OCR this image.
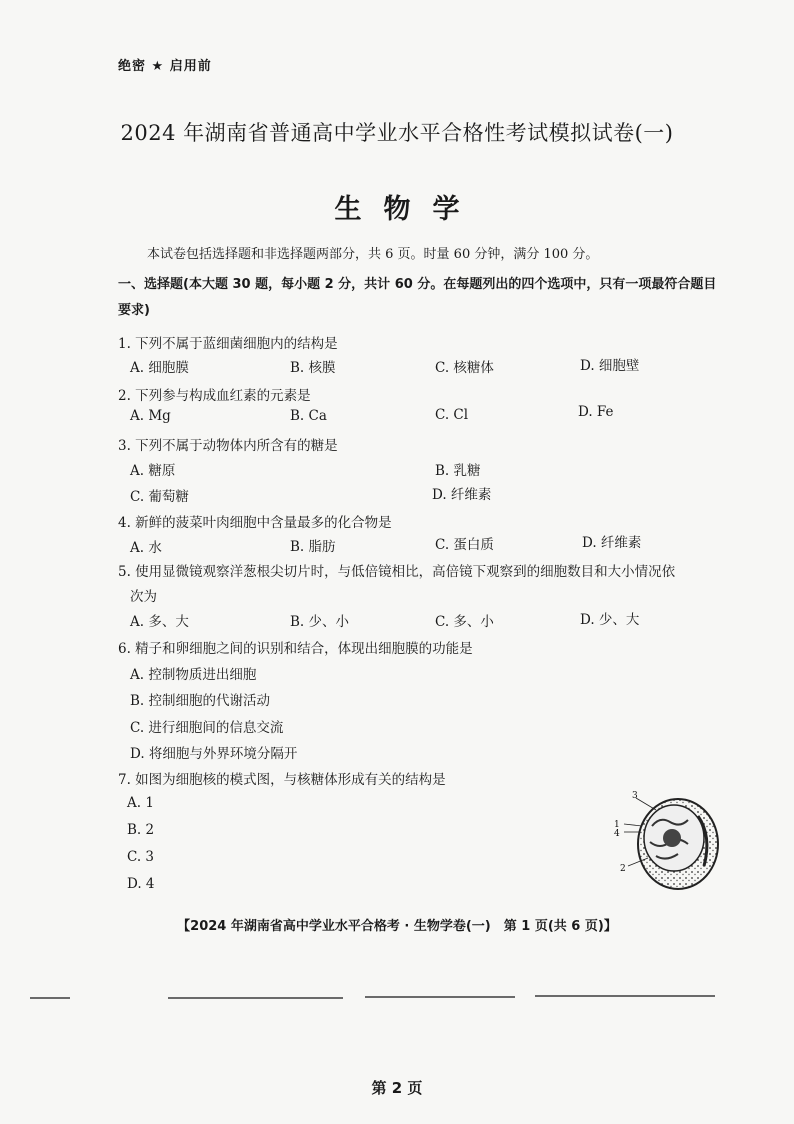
绝密 ★ 启用前
2024 年湖南省普通高中学业水平合格性考试模拟试卷(一)
生物学
本试卷包括选择题和非选择题两部分，共 6 页。时量 60 分钟，满分 100 分。
一、选择题(本大题 30 题，每小题 2 分，共计 60 分。在每题列出的四个选项中，只有一项最符合题目要求)
1. 下列不属于蓝细菌细胞内的结构是
A. 细胞膜	B. 核膜	C. 核糖体	D. 细胞壁
2. 下列参与构成血红素的元素是
A. Mg	B. Ca	C. Cl	D. Fe
3. 下列不属于动物体内所含有的糖是
A. 糖原	B. 乳糖
C. 葡萄糖	D. 纤维素
4. 新鲜的菠菜叶肉细胞中含量最多的化合物是
A. 水	B. 脂肪	C. 蛋白质	D. 纤维素
5. 使用显微镜观察洋葱根尖切片时，与低倍镜相比，高倍镜下观察到的细胞数目和大小情况依
次为
A. 多、大	B. 少、小	C. 多、小	D. 少、大
6. 精子和卵细胞之间的识别和结合，体现出细胞膜的功能是
A. 控制物质进出细胞
B. 控制细胞的代谢活动
C. 进行细胞间的信息交流
D. 将细胞与外界环境分隔开
7. 如图为细胞核的模式图，与核糖体形成有关的结构是
A. 1
B. 2
C. 3
D. 4
3
1
4
2
【2024 年湖南省高中学业水平合格考 · 生物学卷(一)　第 1 页(共 6 页)】
第 2 页
